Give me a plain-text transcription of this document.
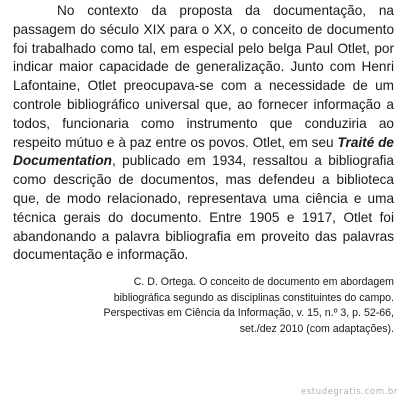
No contexto da proposta da documentação, na passagem do século XIX para o XX, o conceito de documento foi trabalhado como tal, em especial pelo belga Paul Otlet, por indicar maior capacidade de generalização. Junto com Henri Lafontaine, Otlet preocupava-se com a necessidade de um controle bibliográfico universal que, ao fornecer informação a todos, funcionaria como instrumento que conduziria ao respeito mútuo e à paz entre os povos. Otlet, em seu Traité de Documentation, publicado em 1934, ressaltou a bibliografia como descrição de documentos, mas defendeu a biblioteca que, de modo relacionado, representava uma ciência e uma técnica gerais do documento. Entre 1905 e 1917, Otlet foi abandonando a palavra bibliografia em proveito das palavras documentação e informação.

C. D. Ortega. O conceito de documento em abordagem bibliográfica segundo as disciplinas constituintes do campo. Perspectivas em Ciência da Informação, v. 15, n.º 3, p. 52-66, set./dez 2010 (com adaptações).

estudegratis.com.br
